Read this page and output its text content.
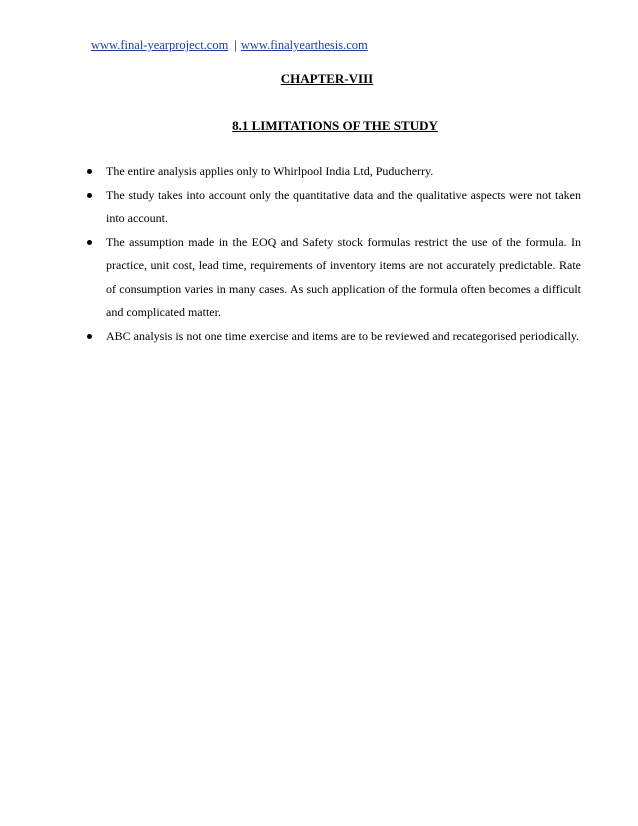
www.final-yearproject.com | www.finalyearthesis.com
CHAPTER-VIII
8.1 LIMITATIONS OF THE STUDY
The entire analysis applies only to Whirlpool India Ltd, Puducherry.
The study takes into account only the quantitative data and the qualitative aspects were not taken into account.
The assumption made in the EOQ and Safety stock formulas restrict the use of the formula. In practice, unit cost, lead time, requirements of inventory items are not accurately predictable. Rate of consumption varies in many cases. As such application of the formula often becomes a difficult and complicated matter.
ABC analysis is not one time exercise and items are to be reviewed and recategorised periodically.
